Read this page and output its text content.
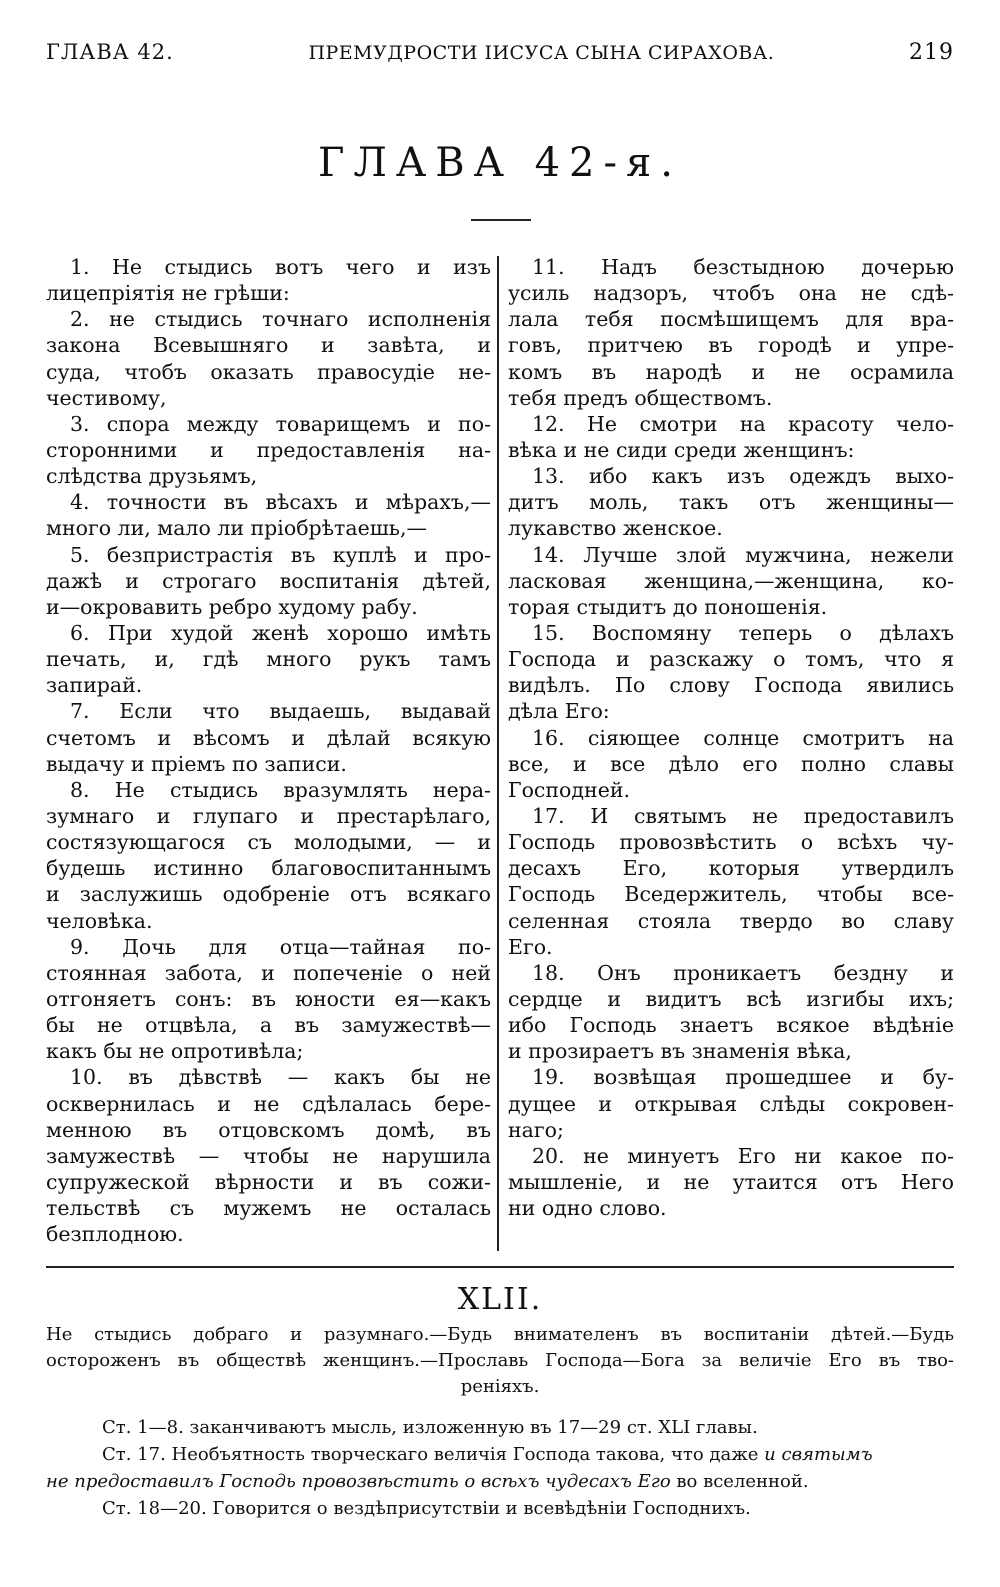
ГЛАВА 42.	ПРЕМУДРОСТИ ІИСУСА СЫНА СИРАХОВА.	219
ГЛАВА 42-я.
1. Не стыдись вотъ чего и изъ
лицепріятія не грѣши:
2. не стыдись точнаго исполненія
закона Всевышняго и завѣта, и
суда, чтобъ оказать правосудіе не-
честивому,
3. спора между товарищемъ и по-
сторонними и предоставленія на-
слѣдства друзьямъ,
4. точности въ вѣсахъ и мѣрахъ,—
много ли, мало ли пріобрѣтаешь,—
5. безпристрастія въ куплѣ и про-
дажѣ и строгаго воспитанія дѣтей,
и—окровавить ребро худому рабу.
6. При худой женѣ хорошо имѣть
печать, и, гдѣ много рукъ тамъ
запирай.
7. Если что выдаешь, выдавай
счетомъ и вѣсомъ и дѣлай всякую
выдачу и пріемъ по записи.
8. Не стыдись вразумлять нера-
зумнаго и глупаго и престарѣлаго,
состязующагося съ молодыми, — и
будешь истинно благовоспитаннымъ
и заслужишь одобреніе отъ всякаго
человѣка.
9. Дочь для отца—тайная по-
стоянная забота, и попеченіе о ней
отгоняетъ сонъ: въ юности ея—какъ
бы не отцвѣла, а въ замужествѣ—
какъ бы не опротивѣла;
10. въ дѣвствѣ — какъ бы не
осквернилась и не сдѣлалась бере-
менною въ отцовскомъ домѣ, въ
замужествѣ — чтобы не нарушила
супружеской вѣрности и въ сожи-
тельствѣ съ мужемъ не осталась
безплодною.
11. Надъ безстыдною дочерью
усиль надзоръ, чтобъ она не сдѣ-
лала тебя посмѣшищемъ для вра-
говъ, притчею въ городѣ и упре-
комъ въ народѣ и не осрамила
тебя предъ обществомъ.
12. Не смотри на красоту чело-
вѣка и не сиди среди женщинъ:
13. ибо какъ изъ одеждъ выхо-
дитъ моль, такъ отъ женщины—
лукавство женское.
14. Лучше злой мужчина, нежели
ласковая женщина,—женщина, ко-
торая стыдитъ до поношенія.
15. Воспомяну теперь о дѣлахъ
Господа и разскажу о томъ, что я
видѣлъ. По слову Господа явились
дѣла Его:
16. сіяющее солнце смотритъ на
все, и все дѣло его полно славы
Господней.
17. И святымъ не предоставилъ
Господь провозвѣстить о всѣхъ чу-
десахъ Его, которыя утвердилъ
Господь Вседержитель, чтобы все-
селенная стояла твердо во славу
Его.
18. Онъ проникаетъ бездну и
сердце и видитъ всѣ изгибы ихъ;
ибо Господь знаетъ всякое вѣдѣніе
и прозираетъ въ знаменія вѣка,
19. возвѣщая прошедшее и бу-
дущее и открывая слѣды сокровен-
наго;
20. не минуетъ Его ни какое по-
мышленіе, и не утаится отъ Него
ни одно слово.
XLII.
Не стыдись добраго и разумнаго.—Будь внимателенъ въ воспитаніи дѣтей.—Будь
остороженъ въ обществѣ женщинъ.—Прославь Господа—Бога за величіе Его въ тво-
реніяхъ.
Ст. 1—8. заканчиваютъ мысль, изложенную въ 17—29 ст. XLI главы.
Ст. 17. Необъятность творческаго величія Господа такова, что даже и святымъ
не предоставилъ Господь провозвѣстить о всѣхъ чудесахъ Его во вселенной.
Ст. 18—20. Говорится о вездѣприсутствіи и всевѣдѣніи Господнихъ.
